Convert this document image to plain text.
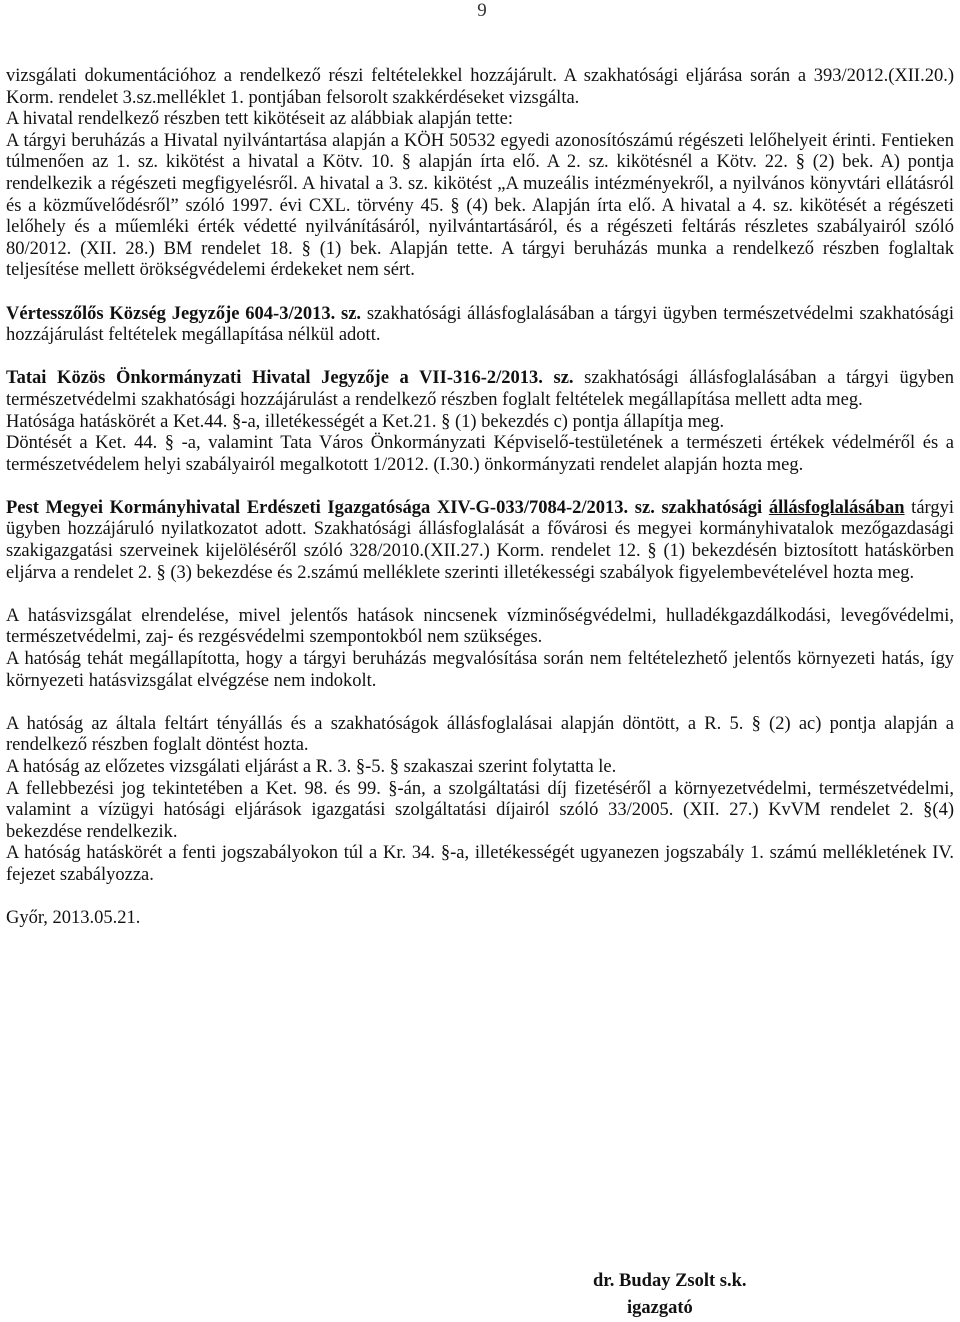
9

vizsgálati dokumentációhoz a rendelkező részi feltételekkel hozzájárult. A szakhatósági eljárása során a 393/2012.(XII.20.) Korm. rendelet 3.sz.melléklet 1. pontjában felsorolt szakkérdéseket vizsgálta.

A hivatal rendelkező részben tett kikötéseit az alábbiak alapján tette:

A tárgyi beruházás a Hivatal nyilvántartása alapján a KÖH 50532 egyedi azonosítószámú régészeti lelőhelyeit érinti. Fentieken túlmenően az 1. sz. kikötést a hivatal a Kötv. 10. § alapján írta elő. A 2. sz. kikötésnél a Kötv. 22. § (2) bek. A) pontja rendelkezik a régészeti megfigyelésről. A hivatal a 3. sz. kikötést „A muzeális intézményekről, a nyilvános könyvtári ellátásról és a közművelődésről” szóló 1997. évi CXL. törvény 45. § (4) bek. Alapján írta elő. A hivatal a 4. sz. kikötését a régészeti lelőhely és a műemléki érték védetté nyilvánításáról, nyilvántartásáról, és a régészeti feltárás részletes szabályairól szóló 80/2012. (XII. 28.) BM rendelet 18. § (1) bek. Alapján tette. A tárgyi beruházás munka a rendelkező részben foglaltak teljesítése mellett örökségvédelemi érdekeket nem sért.

Vértesszőlős Község Jegyzője 604-3/2013. sz. szakhatósági állásfoglalásában a tárgyi ügyben természetvédelmi szakhatósági hozzájárulást feltételek megállapítása nélkül adott.

Tatai Közös Önkormányzati Hivatal Jegyzője a VII-316-2/2013. sz. szakhatósági állásfoglalásában a tárgyi ügyben természetvédelmi szakhatósági hozzájárulást a rendelkező részben foglalt feltételek megállapítása mellett adta meg.

Hatósága hatáskörét a Ket.44. §-a, illetékességét a Ket.21. § (1) bekezdés c) pontja állapítja meg.

Döntését a Ket. 44. § -a, valamint Tata Város Önkormányzati Képviselő-testületének a természeti értékek védelméről és a természetvédelem helyi szabályairól megalkotott 1/2012. (I.30.) önkormányzati rendelet alapján hozta meg.

Pest Megyei Kormányhivatal Erdészeti Igazgatósága XIV-G-033/7084-2/2013. sz. szakhatósági állásfoglalásában tárgyi ügyben hozzájáruló nyilatkozatot adott. Szakhatósági állásfoglalását a fővárosi és megyei kormányhivatalok mezőgazdasági szakigazgatási szerveinek kijelöléséről szóló 328/2010.(XII.27.) Korm. rendelet 12. § (1) bekezdésén biztosított hatáskörben eljárva a rendelet 2. § (3) bekezdése és 2.számú melléklete szerinti illetékességi szabályok figyelembevételével hozta meg.

A hatásvizsgálat elrendelése, mivel jelentős hatások nincsenek vízminőségvédelmi, hulladékgazdálkodási, levegővédelmi, természetvédelmi, zaj- és rezgésvédelmi szempontokból nem szükséges.

A hatóság tehát megállapította, hogy a tárgyi beruházás megvalósítása során nem feltételezhető jelentős környezeti hatás, így környezeti hatásvizsgálat elvégzése nem indokolt.

A hatóság az általa feltárt tényállás és a szakhatóságok állásfoglalásai alapján döntött, a R. 5. § (2) ac) pontja alapján a rendelkező részben foglalt döntést hozta.

A hatóság az előzetes vizsgálati eljárást a R. 3. §-5. § szakaszai szerint folytatta le.

A fellebbezési jog tekintetében a Ket. 98. és 99. §-án, a szolgáltatási díj fizetéséről a környezetvédelmi, természetvédelmi, valamint a vízügyi hatósági eljárások igazgatási szolgáltatási díjairól szóló 33/2005. (XII. 27.) KvVM rendelet 2. §(4) bekezdése rendelkezik.

A hatóság hatáskörét a fenti jogszabályokon túl a Kr. 34. §-a, illetékességét ugyanezen jogszabály 1. számú mellékletének IV. fejezet szabályozza.

Győr, 2013.05.21.

dr. Buday Zsolt s.k.
igazgató
